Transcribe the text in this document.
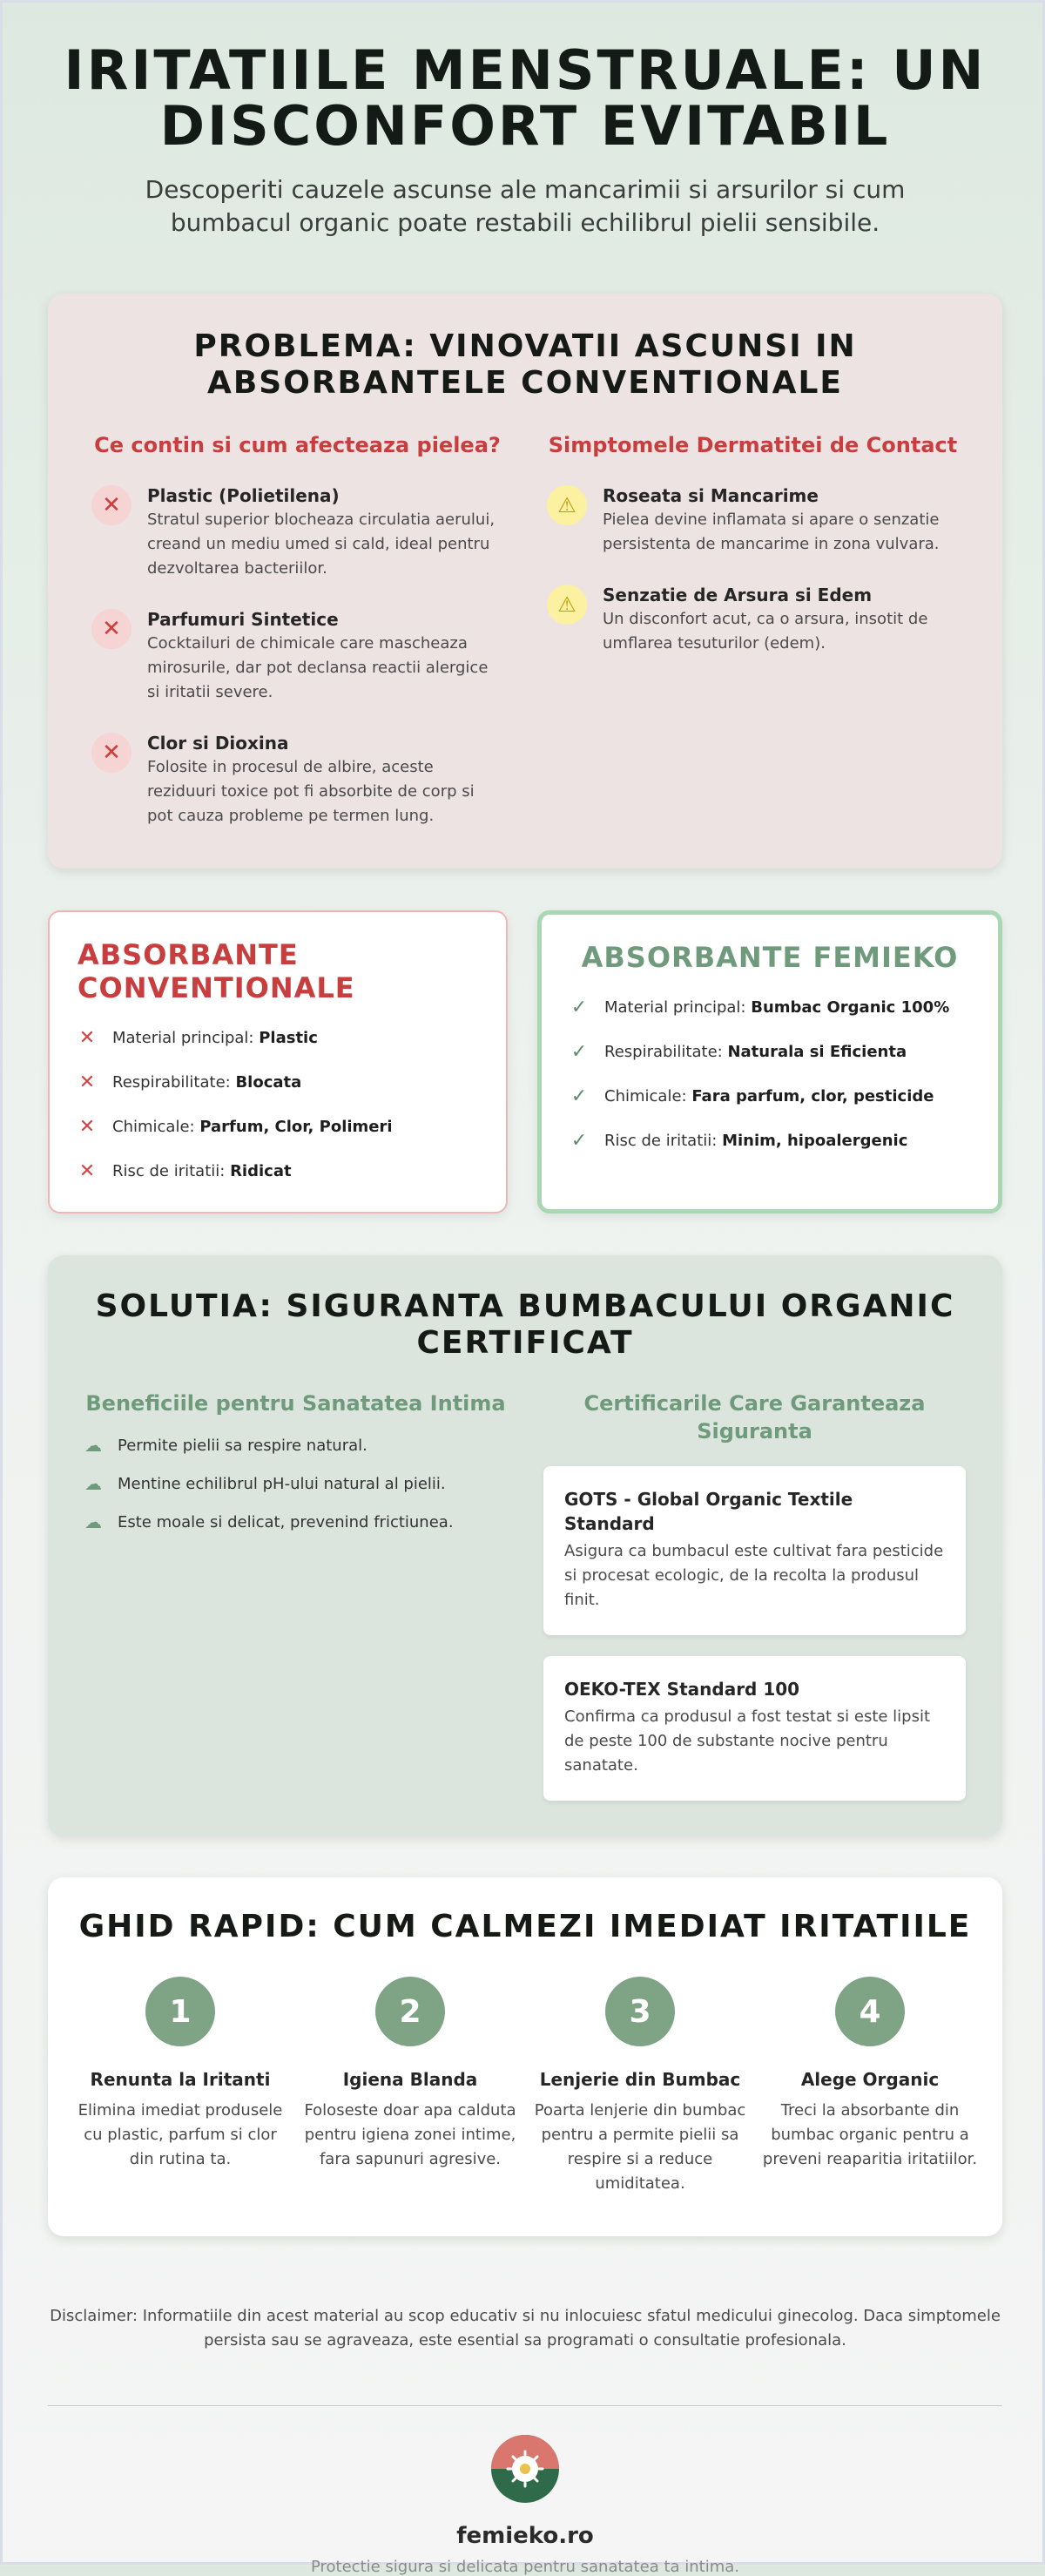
IRITATIILE MENSTRUALE: UN DISCONFORT EVITABIL

Descoperiti cauzele ascunse ale mancarimii si arsurilor si cum bumbacul organic poate restabili echilibrul pielii sensibile.

PROBLEMA: VINOVATII ASCUNSI IN ABSORBANTELE CONVENTIONALE
Ce contin si cum afecteaza pielea?
✕	Plastic (Polietilena)
Stratul superior blocheaza circulatia aerului, creand un mediu umed si cald, ideal pentru dezvoltarea bacteriilor.
✕	Parfumuri Sintetice
Cocktailuri de chimicale care mascheaza mirosurile, dar pot declansa reactii alergice si iritatii severe.
✕	Clor si Dioxina
Folosite in procesul de albire, aceste reziduuri toxice pot fi absorbite de corp si pot cauza probleme pe termen lung.
Simptomele Dermatitei de Contact
⚠	Roseata si Mancarime
Pielea devine inflamata si apare o senzatie persistenta de mancarime in zona vulvara.
⚠	Senzatie de Arsura si Edem
Un disconfort acut, ca o arsura, insotit de umflarea tesuturilor (edem).
ABSORBANTE CONVENTIONALE
✕ Material principal: Plastic
✕ Respirabilitate: Blocata
✕ Chimicale: Parfum, Clor, Polimeri
✕ Risc de iritatii: Ridicat
ABSORBANTE FEMIEKO
✓ Material principal: Bumbac Organic 100%
✓ Respirabilitate: Naturala si Eficienta
✓ Chimicale: Fara parfum, clor, pesticide
✓ Risc de iritatii: Minim, hipoalergenic
SOLUTIA: SIGURANTA BUMBACULUI ORGANIC CERTIFICAT
Beneficiile pentru Sanatatea Intima
☁ Permite pielii sa respire natural.
☁ Mentine echilibrul pH-ului natural al pielii.
☁ Este moale si delicat, prevenind frictiunea.
Certificarile Care Garanteaza Siguranta
GOTS - Global Organic Textile Standard
Asigura ca bumbacul este cultivat fara pesticide si procesat ecologic, de la recolta la produsul finit.
OEKO-TEX Standard 100
Confirma ca produsul a fost testat si este lipsit de peste 100 de substante nocive pentru sanatate.
GHID RAPID: CUM CALMEZI IMEDIAT IRITATIILE
1
Renunta la Iritanti
Elimina imediat produsele cu plastic, parfum si clor din rutina ta.
2
Igiena Blanda
Foloseste doar apa calduta pentru igiena zonei intime, fara sapunuri agresive.
3
Lenjerie din Bumbac
Poarta lenjerie din bumbac pentru a permite pielii sa respire si a reduce umiditatea.
4
Alege Organic
Treci la absorbante din bumbac organic pentru a preveni reaparitia iritatiilor.

Disclaimer: Informatiile din acest material au scop educativ si nu inlocuiesc sfatul medicului ginecolog. Daca simptomele persista sau se agraveaza, este esential sa programati o consultatie profesionala.

femieko.ro
Protectie sigura si delicata pentru sanatatea ta intima.
